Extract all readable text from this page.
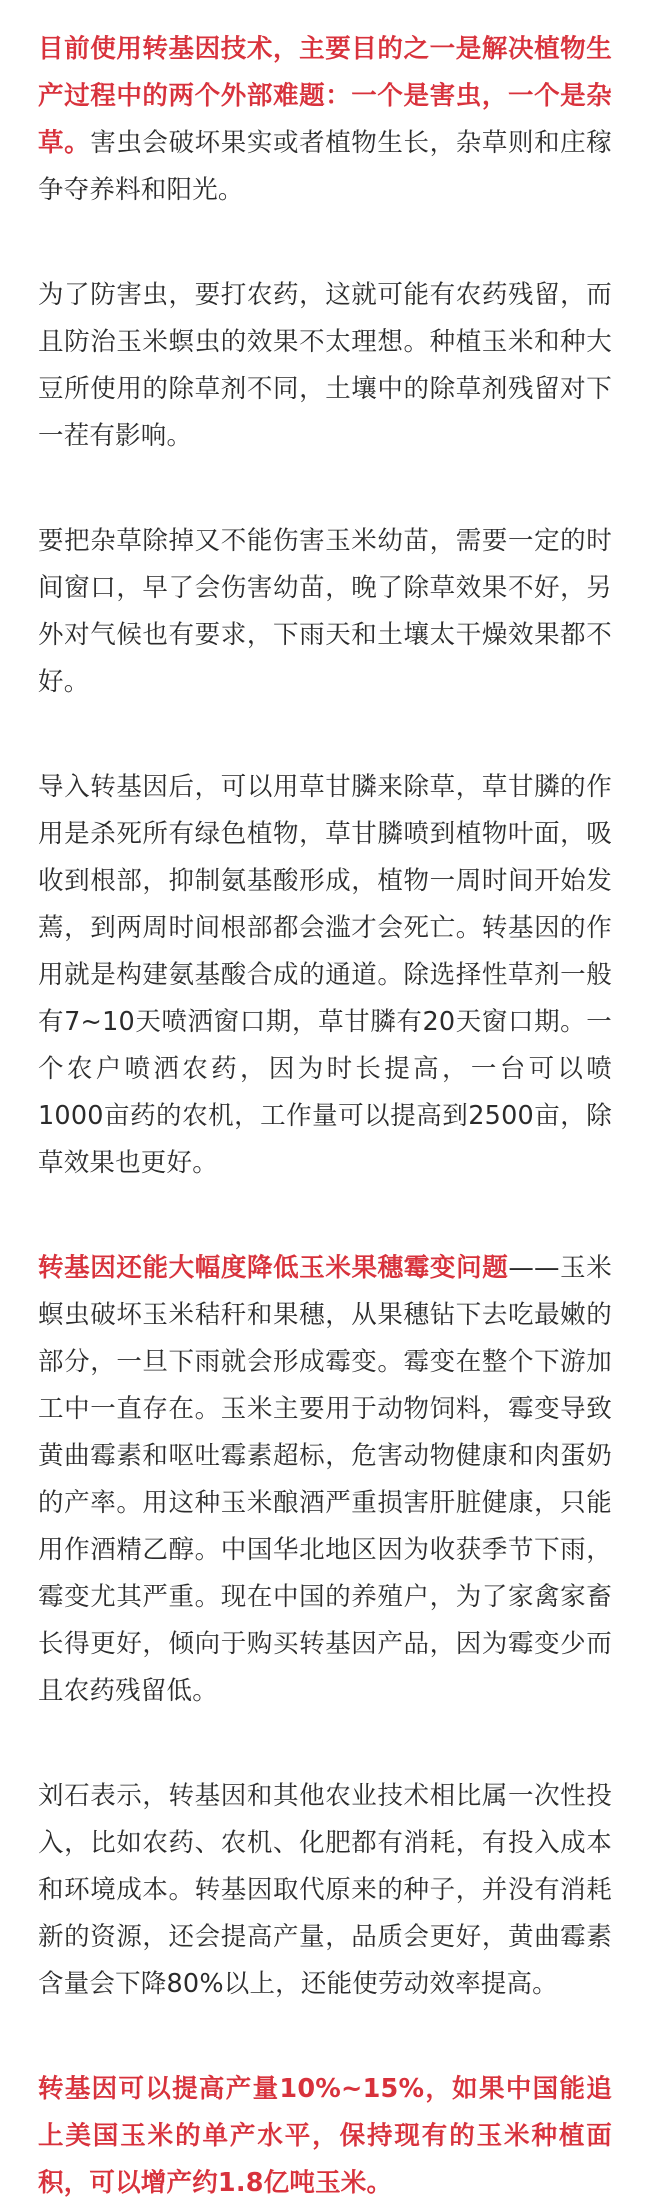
目前使用转基因技术，主要目的之一是解决植物生产过程中的两个外部难题：一个是害虫，一个是杂草。害虫会破坏果实或者植物生长，杂草则和庄稼争夺养料和阳光。

为了防害虫，要打农药，这就可能有农药残留，而且防治玉米螟虫的效果不太理想。种植玉米和种大豆所使用的除草剂不同，土壤中的除草剂残留对下一茬有影响。

要把杂草除掉又不能伤害玉米幼苗，需要一定的时间窗口，早了会伤害幼苗，晚了除草效果不好，另外对气候也有要求，下雨天和土壤太干燥效果都不好。

导入转基因后，可以用草甘膦来除草，草甘膦的作用是杀死所有绿色植物，草甘膦喷到植物叶面，吸收到根部，抑制氨基酸形成，植物一周时间开始发蔫，到两周时间根部都会滥才会死亡。转基因的作用就是构建氨基酸合成的通道。除选择性草剂一般有7~10天喷洒窗口期，草甘膦有20天窗口期。一个农户喷洒农药，因为时长提高，一台可以喷1000亩药的农机，工作量可以提高到2500亩，除草效果也更好。

转基因还能大幅度降低玉米果穗霉变问题——玉米螟虫破坏玉米秸秆和果穗，从果穗钻下去吃最嫩的部分，一旦下雨就会形成霉变。霉变在整个下游加工中一直存在。玉米主要用于动物饲料，霉变导致黄曲霉素和呕吐霉素超标，危害动物健康和肉蛋奶的产率。用这种玉米酿酒严重损害肝脏健康，只能用作酒精乙醇。中国华北地区因为收获季节下雨，霉变尤其严重。现在中国的养殖户，为了家禽家畜长得更好，倾向于购买转基因产品，因为霉变少而且农药残留低。

刘石表示，转基因和其他农业技术相比属一次性投入，比如农药、农机、化肥都有消耗，有投入成本和环境成本。转基因取代原来的种子，并没有消耗新的资源，还会提高产量，品质会更好，黄曲霉素含量会下降80%以上，还能使劳动效率提高。

转基因可以提高产量10%~15%，如果中国能追上美国玉米的单产水平，保持现有的玉米种植面积，可以增产约1.8亿吨玉米。
